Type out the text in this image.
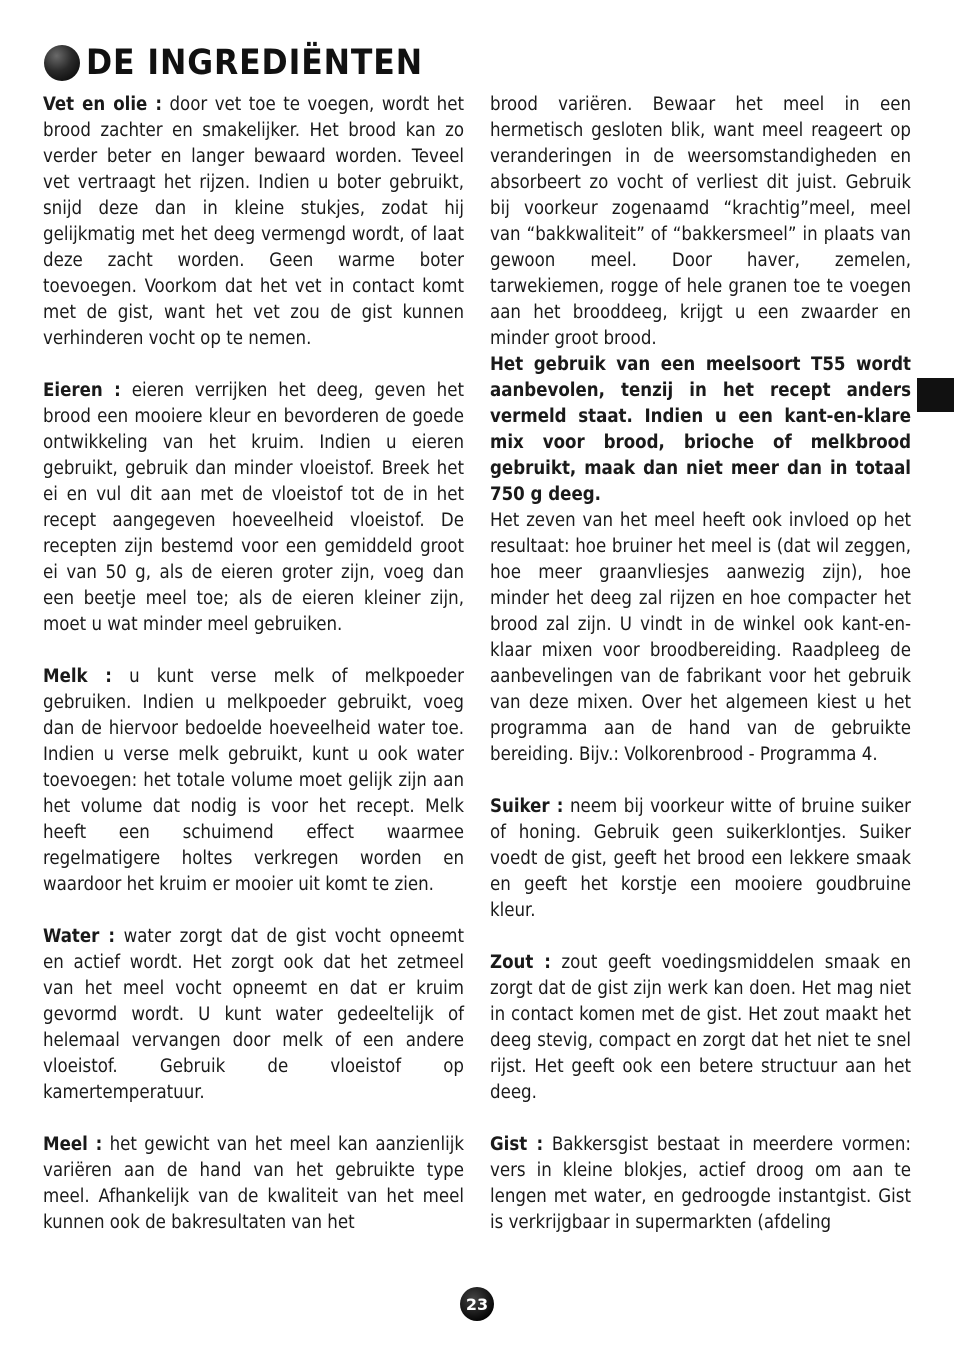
DE INGREDIËNTEN

Vet en olie : door vet toe te voegen, wordt het brood zachter en smakelijker. Het brood kan zo verder beter en langer bewaard worden. Teveel vet vertraagt het rijzen. Indien u boter gebruikt, snijd deze dan in kleine stukjes, zodat hij gelijkmatig met het deeg vermengd wordt, of laat deze zacht worden. Geen warme boter toevoegen. Voorkom dat het vet in contact komt met de gist, want het vet zou de gist kunnen verhinderen vocht op te nemen.

Eieren : eieren verrijken het deeg, geven het brood een mooiere kleur en bevorderen de goede ontwikkeling van het kruim. Indien u eieren gebruikt, gebruik dan minder vloeistof. Breek het ei en vul dit aan met de vloeistof tot de in het recept aangegeven hoeveelheid vloeistof. De recepten zijn bestemd voor een gemiddeld groot ei van 50 g, als de eieren groter zijn, voeg dan een beetje meel toe; als de eieren kleiner zijn, moet u wat minder meel gebruiken.

Melk : u kunt verse melk of melkpoeder gebruiken. Indien u melkpoeder gebruikt, voeg dan de hiervoor bedoelde hoeveelheid water toe. Indien u verse melk gebruikt, kunt u ook water toevoegen: het totale volume moet gelijk zijn aan het volume dat nodig is voor het recept. Melk heeft een schuimend effect waarmee regelmatigere holtes verkregen worden en waardoor het kruim er mooier uit komt te zien.

Water : water zorgt dat de gist vocht opneemt en actief wordt. Het zorgt ook dat het zetmeel van het meel vocht opneemt en dat er kruim gevormd wordt. U kunt water gedeeltelijk of helemaal vervangen door melk of een andere vloeistof. Gebruik de vloeistof op kamertemperatuur.

Meel : het gewicht van het meel kan aanzienlijk variëren aan de hand van het gebruikte type meel. Afhankelijk van de kwaliteit van het meel kunnen ook de bakresultaten van het

brood variëren. Bewaar het meel in een hermetisch gesloten blik, want meel reageert op veranderingen in de weersomstandigheden en absorbeert zo vocht of verliest dit juist. Gebruik bij voorkeur zogenaamd “krachtig”meel, meel van “bakkwaliteit” of “bakkersmeel” in plaats van gewoon meel. Door haver, zemelen, tarwekiemen, rogge of hele granen toe te voegen aan het brooddeeg, krijgt u een zwaarder en minder groot brood.

Het gebruik van een meelsoort T55 wordt aanbevolen, tenzij in het recept anders vermeld staat. Indien u een kant-en-klare mix voor brood, brioche of melkbrood gebruikt, maak dan niet meer dan in totaal 750 g deeg.

Het zeven van het meel heeft ook invloed op het resultaat: hoe bruiner het meel is (dat wil zeggen, hoe meer graanvliesjes aanwezig zijn), hoe minder het deeg zal rijzen en hoe compacter het brood zal zijn. U vindt in de winkel ook kant-en-klaar mixen voor broodbereiding. Raadpleeg de aanbevelingen van de fabrikant voor het gebruik van deze mixen. Over het algemeen kiest u het programma aan de hand van de gebruikte bereiding. Bijv.: Volkorenbrood - Programma 4.

Suiker : neem bij voorkeur witte of bruine suiker of honing. Gebruik geen suikerklontjes. Suiker voedt de gist, geeft het brood een lekkere smaak en geeft het korstje een mooiere goudbruine kleur.

Zout : zout geeft voedingsmiddelen smaak en zorgt dat de gist zijn werk kan doen. Het mag niet in contact komen met de gist. Het zout maakt het deeg stevig, compact en zorgt dat het niet te snel rijst. Het geeft ook een betere structuur aan het deeg.

Gist : Bakkersgist bestaat in meerdere vormen: vers in kleine blokjes, actief droog om aan te lengen met water, en gedroogde instantgist. Gist is verkrijgbaar in supermarkten (afdeling

23
